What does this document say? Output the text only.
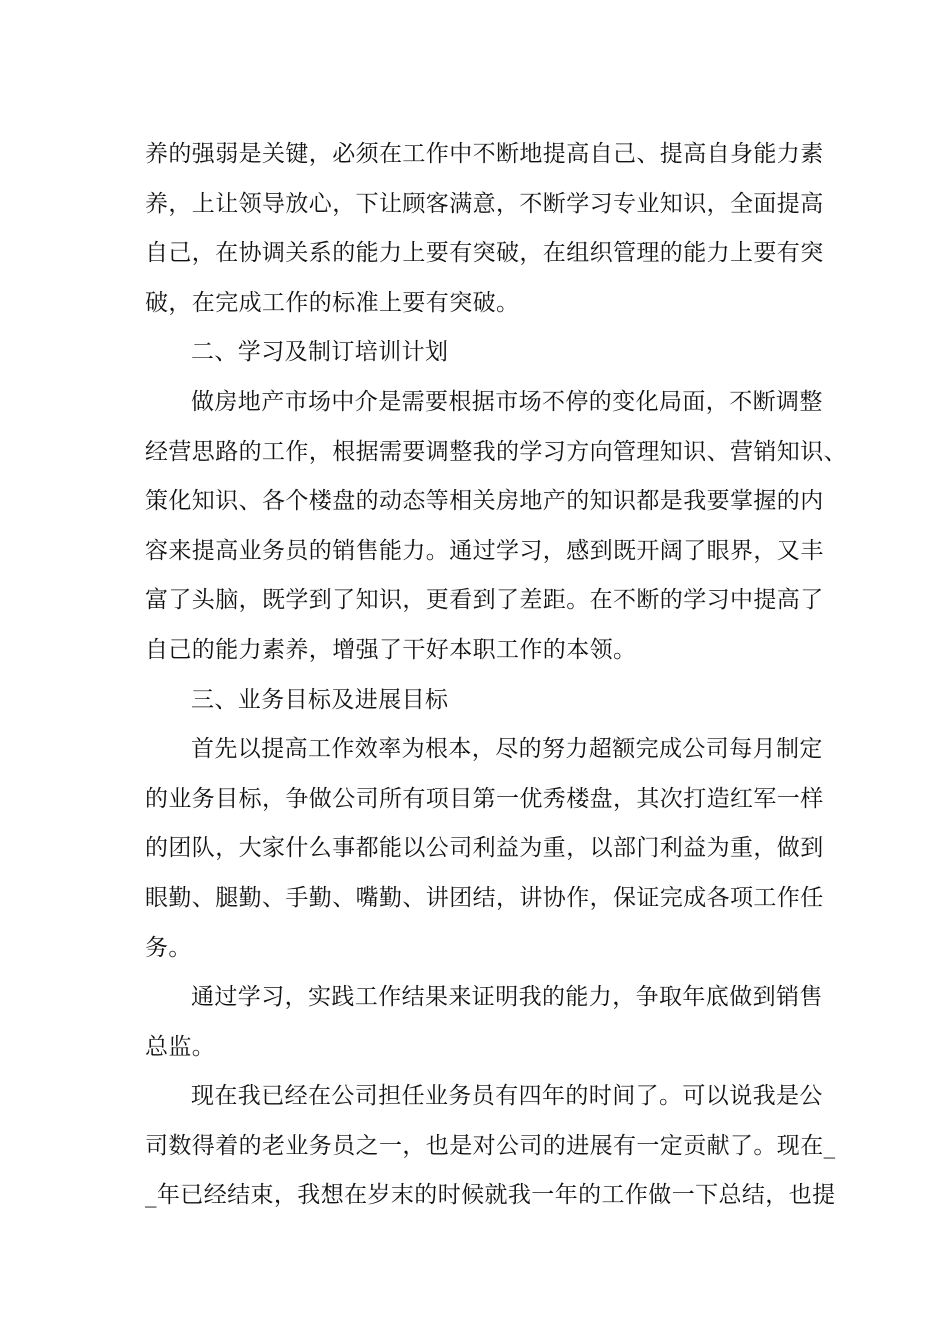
养的强弱是关键，必须在工作中不断地提高自己、提高自身能力素
养，上让领导放心，下让顾客满意，不断学习专业知识，全面提高
自己，在协调关系的能力上要有突破，在组织管理的能力上要有突
破，在完成工作的标准上要有突破。
二、学习及制订培训计划
做房地产市场中介是需要根据市场不停的变化局面，不断调整
经营思路的工作，根据需要调整我的学习方向管理知识、营销知识、
策化知识、各个楼盘的动态等相关房地产的知识都是我要掌握的内
容来提高业务员的销售能力。通过学习，感到既开阔了眼界，又丰
富了头脑，既学到了知识，更看到了差距。在不断的学习中提高了
自己的能力素养，增强了干好本职工作的本领。
三、业务目标及进展目标
首先以提高工作效率为根本，尽的努力超额完成公司每月制定
的业务目标，争做公司所有项目第一优秀楼盘，其次打造红军一样
的团队，大家什么事都能以公司利益为重，以部门利益为重，做到
眼勤、腿勤、手勤、嘴勤、讲团结，讲协作，保证完成各项工作任
务。
通过学习，实践工作结果来证明我的能力，争取年底做到销售
总监。
现在我已经在公司担任业务员有四年的时间了。可以说我是公
司数得着的老业务员之一，也是对公司的进展有一定贡献了。现在_
_年已经结束，我想在岁末的时候就我一年的工作做一下总结，也提
